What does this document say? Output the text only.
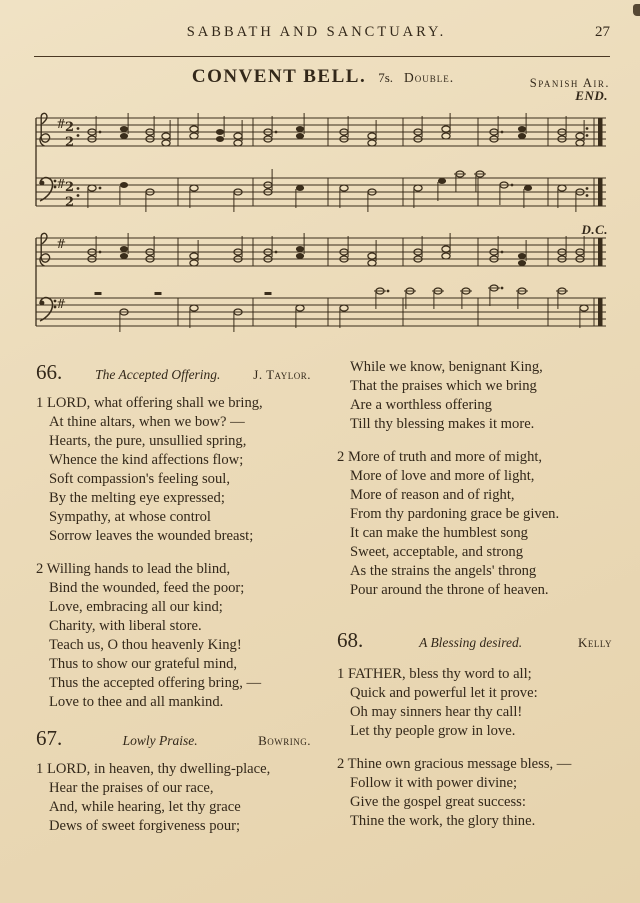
SABBATH AND SANCTUARY.	27
CONVENT BELL. 7s. Double.	Spanish Air.
END.
D.C.
#
#
#
#
2
2
2
2
66.	The Accepted Offering.	J. Taylor.
1 LORD, what offering shall we bring,
At thine altars, when we bow? —
Hearts, the pure, unsullied spring,
Whence the kind affections flow;
Soft compassion's feeling soul,
By the melting eye expressed;
Sympathy, at whose control
Sorrow leaves the wounded breast;
2 Willing hands to lead the blind,
Bind the wounded, feed the poor;
Love, embracing all our kind;
Charity, with liberal store.
Teach us, O thou heavenly King!
Thus to show our grateful mind,
Thus the accepted offering bring, —
Love to thee and all mankind.
67.	Lowly Praise.	Bowring.
1 LORD, in heaven, thy dwelling-place,
Hear the praises of our race,
And, while hearing, let thy grace
Dews of sweet forgiveness pour;
While we know, benignant King,
That the praises which we bring
Are a worthless offering
Till thy blessing makes it more.
2 More of truth and more of might,
More of love and more of light,
More of reason and of right,
From thy pardoning grace be given.
It can make the humblest song
Sweet, acceptable, and strong
As the strains the angels' throng
Pour around the throne of heaven.
68.	A Blessing desired.	Kelly
1 FATHER, bless thy word to all;
Quick and powerful let it prove:
Oh may sinners hear thy call!
Let thy people grow in love.
2 Thine own gracious message bless, —
Follow it with power divine;
Give the gospel great success:
Thine the work, the glory thine.
